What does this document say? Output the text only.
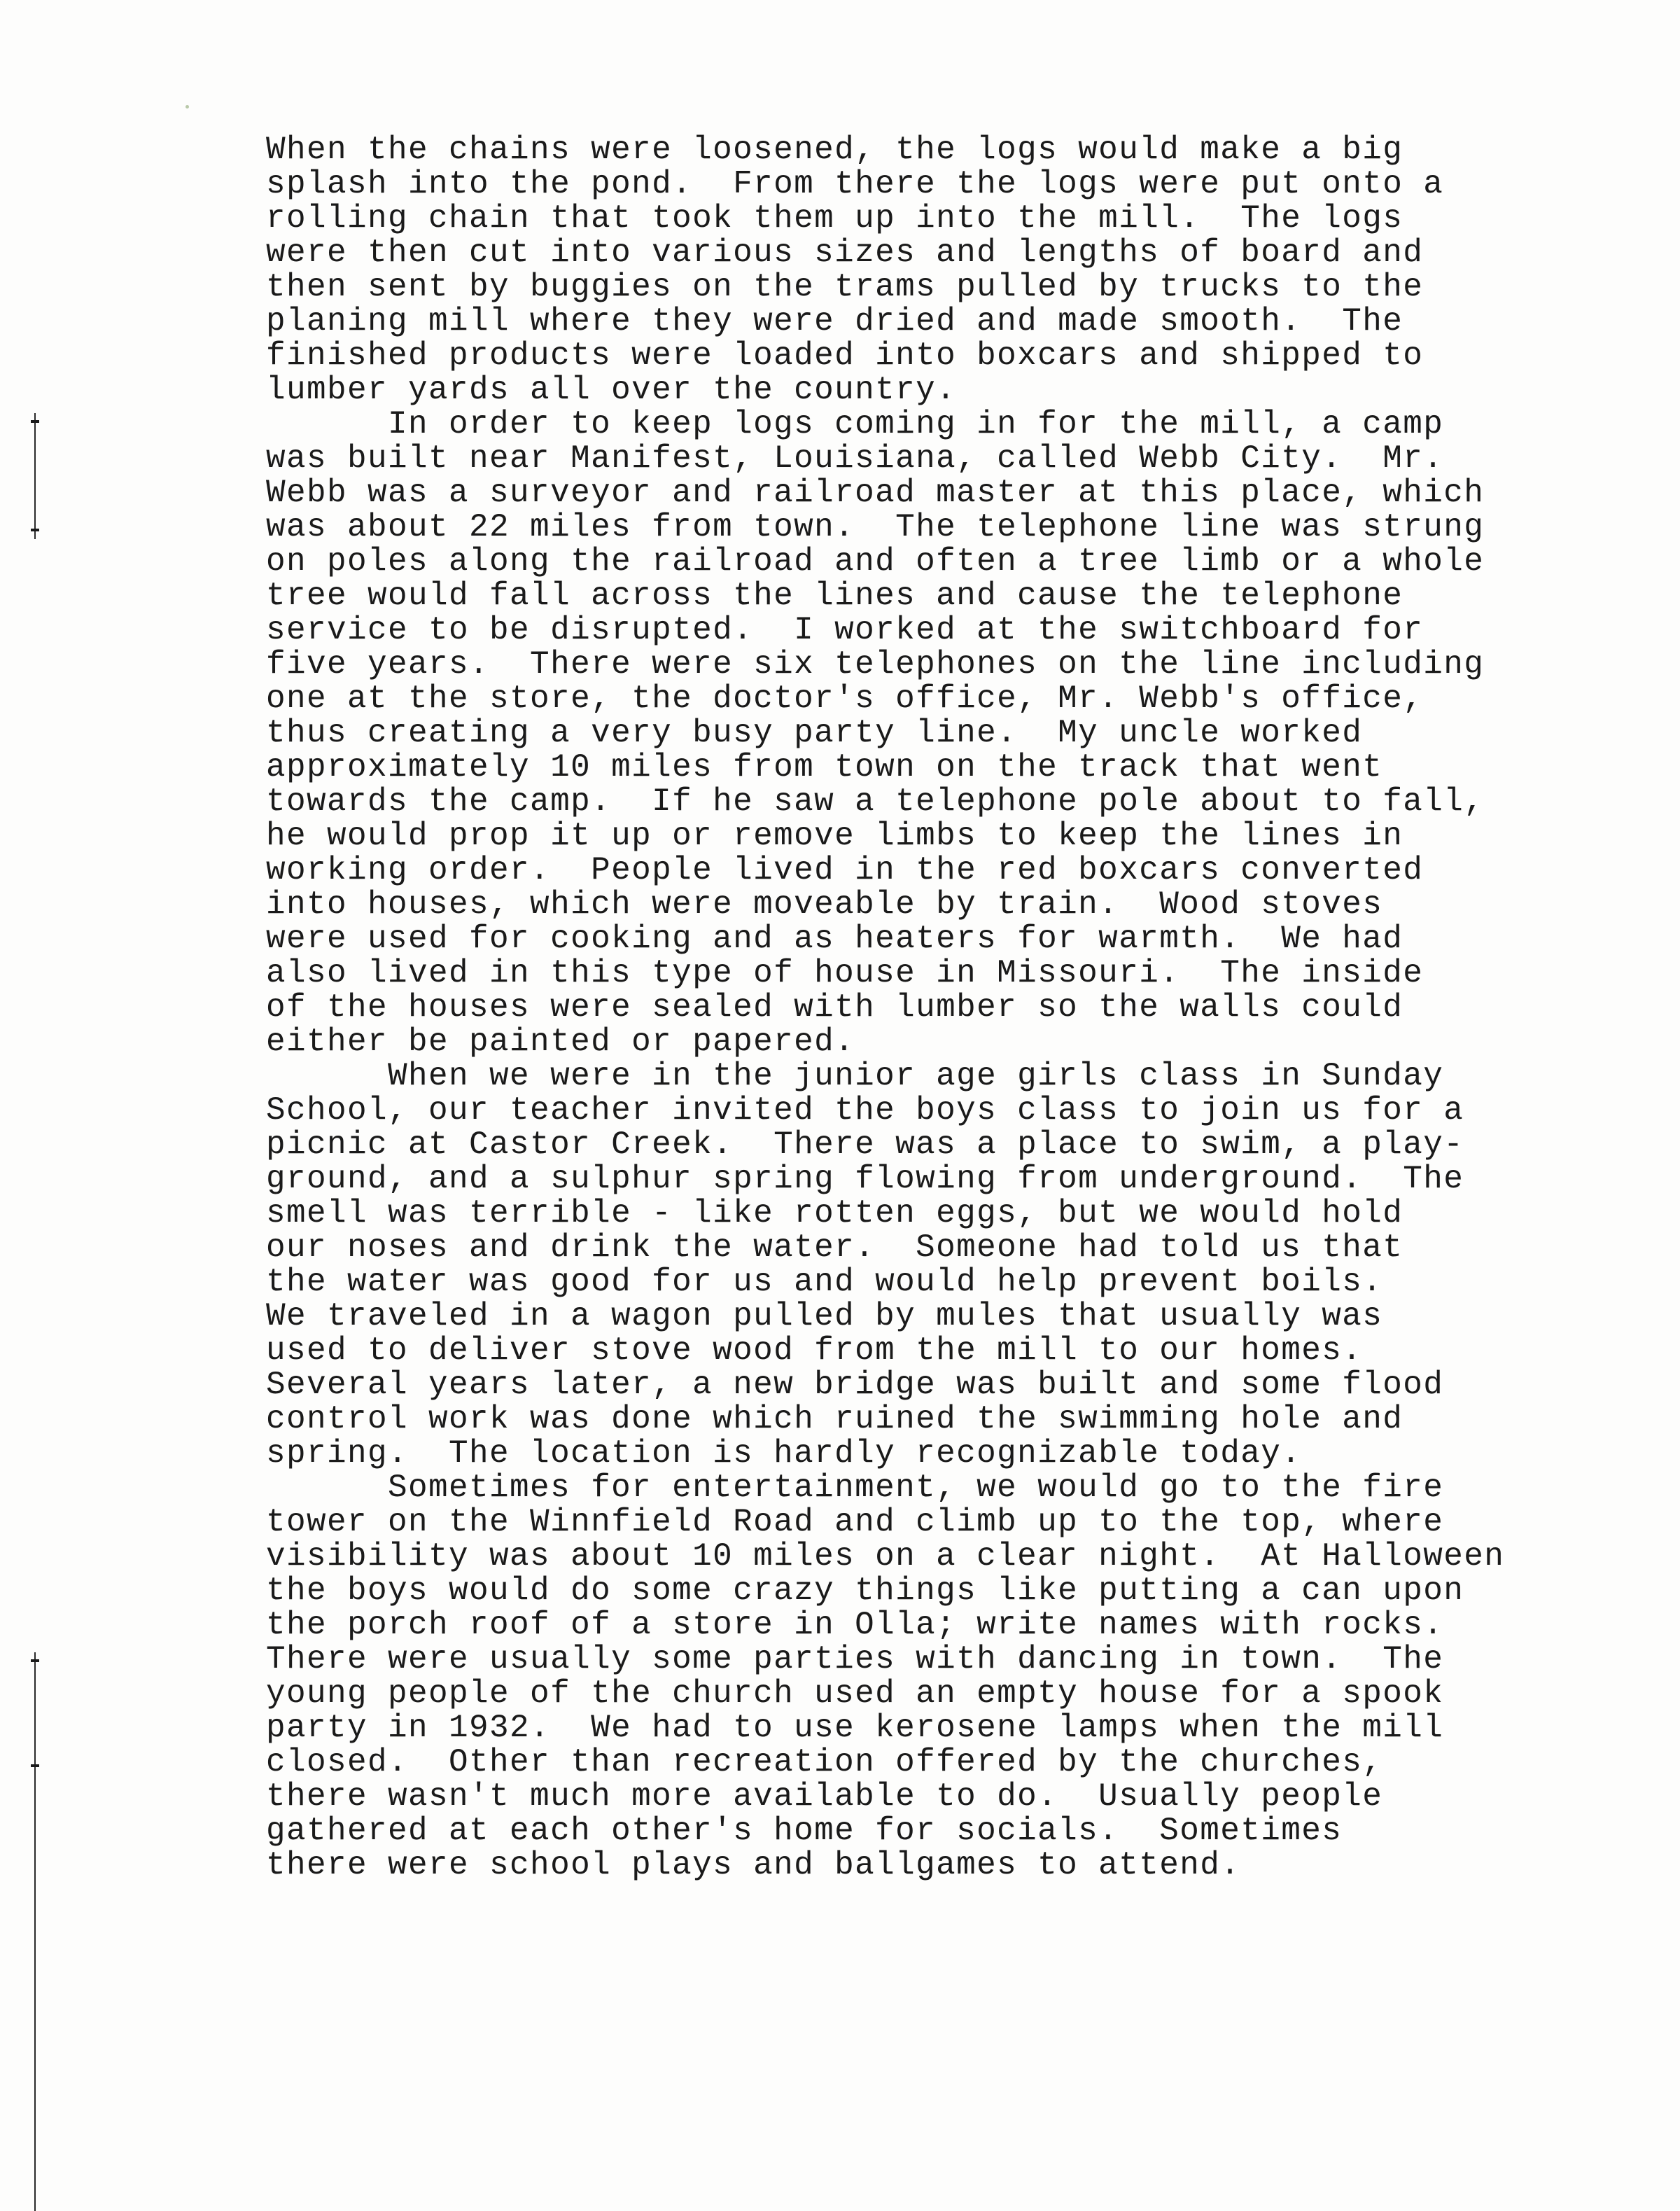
When the chains were loosened, the logs would make a big
splash into the pond.  From there the logs were put onto a
rolling chain that took them up into the mill.  The logs
were then cut into various sizes and lengths of board and
then sent by buggies on the trams pulled by trucks to the
planing mill where they were dried and made smooth.  The
finished products were loaded into boxcars and shipped to
lumber yards all over the country.
In order to keep logs coming in for the mill, a camp
was built near Manifest, Louisiana, called Webb City.  Mr.
Webb was a surveyor and railroad master at this place, which
was about 22 miles from town.  The telephone line was strung
on poles along the railroad and often a tree limb or a whole
tree would fall across the lines and cause the telephone
service to be disrupted.  I worked at the switchboard for
five years.  There were six telephones on the line including
one at the store, the doctor's office, Mr. Webb's office,
thus creating a very busy party line.  My uncle worked
approximately 10 miles from town on the track that went
towards the camp.  If he saw a telephone pole about to fall,
he would prop it up or remove limbs to keep the lines in
working order.  People lived in the red boxcars converted
into houses, which were moveable by train.  Wood stoves
were used for cooking and as heaters for warmth.  We had
also lived in this type of house in Missouri.  The inside
of the houses were sealed with lumber so the walls could
either be painted or papered.
When we were in the junior age girls class in Sunday
School, our teacher invited the boys class to join us for a
picnic at Castor Creek.  There was a place to swim, a play-
ground, and a sulphur spring flowing from underground.  The
smell was terrible - like rotten eggs, but we would hold
our noses and drink the water.  Someone had told us that
the water was good for us and would help prevent boils.
We traveled in a wagon pulled by mules that usually was
used to deliver stove wood from the mill to our homes.
Several years later, a new bridge was built and some flood
control work was done which ruined the swimming hole and
spring.  The location is hardly recognizable today.
Sometimes for entertainment, we would go to the fire
tower on the Winnfield Road and climb up to the top, where
visibility was about 10 miles on a clear night.  At Halloween
the boys would do some crazy things like putting a can upon
the porch roof of a store in Olla; write names with rocks.
There were usually some parties with dancing in town.  The
young people of the church used an empty house for a spook
party in 1932.  We had to use kerosene lamps when the mill
closed.  Other than recreation offered by the churches,
there wasn't much more available to do.  Usually people
gathered at each other's home for socials.  Sometimes
there were school plays and ballgames to attend.
